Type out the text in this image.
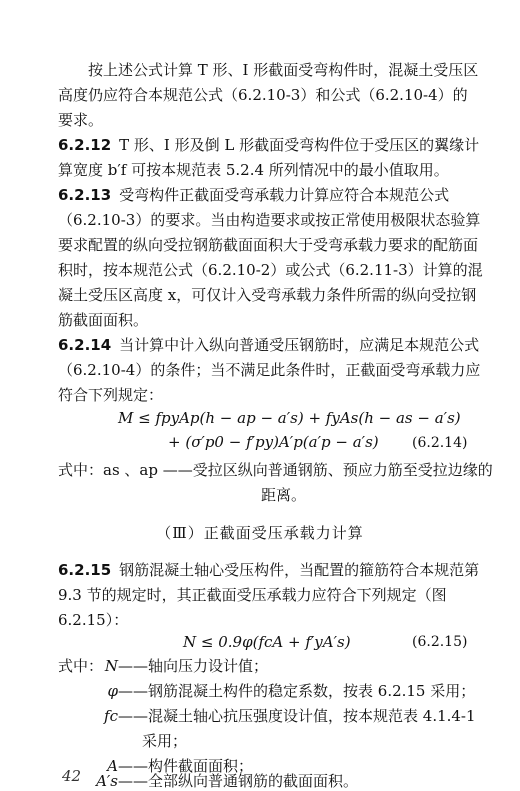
按上述公式计算 T 形、I 形截面受弯构件时，混凝土受压区
高度仍应符合本规范公式（6.2.10-3）和公式（6.2.10-4）的
要求。
6.2.12 T 形、I 形及倒 L 形截面受弯构件位于受压区的翼缘计
算宽度 b′f 可按本规范表 5.2.4 所列情况中的最小值取用。
6.2.13 受弯构件正截面受弯承载力计算应符合本规范公式
（6.2.10-3）的要求。当由构造要求或按正常使用极限状态验算
要求配置的纵向受拉钢筋截面面积大于受弯承载力要求的配筋面
积时，按本规范公式（6.2.10-2）或公式（6.2.11-3）计算的混
凝土受压区高度 x，可仅计入受弯承载力条件所需的纵向受拉钢
筋截面面积。
6.2.14 当计算中计入纵向普通受压钢筋时，应满足本规范公式
（6.2.10-4）的条件；当不满足此条件时，正截面受弯承载力应
符合下列规定：
M ≤ fpyAp(h − ap − a′s) + fyAs(h − as − a′s)
+ (σ′p0 − f′py)A′p(a′p − a′s) (6.2.14)
式中：as 、ap ——受拉区纵向普通钢筋、预应力筋至受拉边缘的
距离。
（Ⅲ）正截面受压承载力计算
6.2.15 钢筋混凝土轴心受压构件，当配置的箍筋符合本规范第
9.3 节的规定时，其正截面受压承载力应符合下列规定（图
6.2.15）：
N ≤ 0.9φ(fcA + f′yA′s)	(6.2.15)
式中： N——轴向压力设计值；
φ——钢筋混凝土构件的稳定系数，按表 6.2.15 采用；
fc——混凝土轴心抗压强度设计值，按本规范表 4.1.4-1
采用；
A——构件截面面积；
A′s——全部纵向普通钢筋的截面面积。
42
